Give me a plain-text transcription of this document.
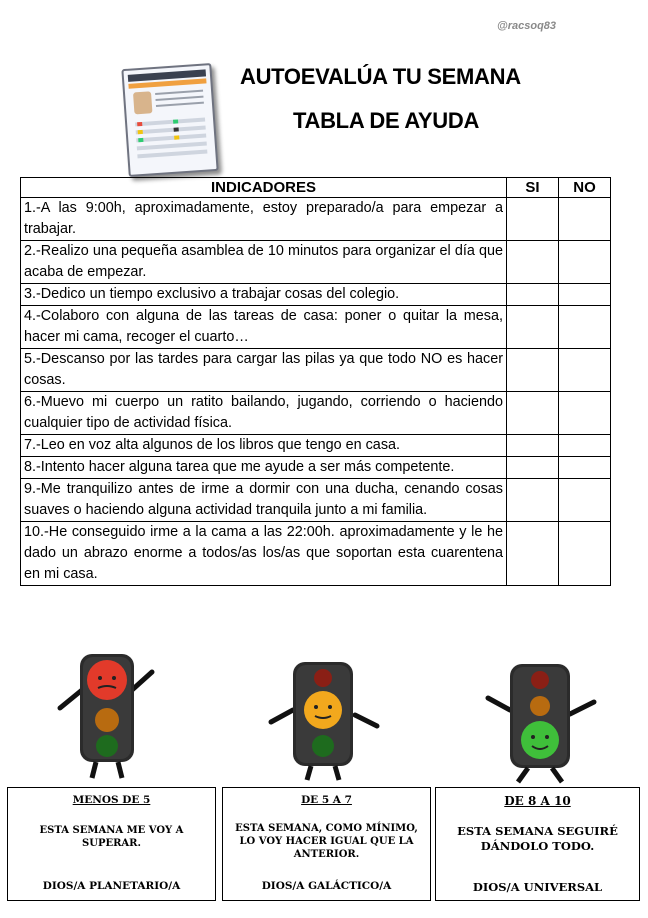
@racsoq83
AUTOEVALÚA TU SEMANA
TABLA DE AYUDA
INDICADORES	SI	NO
1.-A las 9:00h, aproximadamente, estoy preparado/a para empezar a trabajar.		
2.-Realizo una pequeña asamblea de 10 minutos para organizar el día que acaba de empezar.		
3.-Dedico un tiempo exclusivo a trabajar cosas del colegio.		
4.-Colaboro con alguna de las tareas de casa: poner o quitar la mesa, hacer mi cama, recoger el cuarto…		
5.-Descanso por las tardes para cargar las pilas ya que todo NO es hacer cosas.		
6.-Muevo mi cuerpo un ratito bailando, jugando, corriendo o haciendo cualquier tipo de actividad física.		
7.-Leo en voz alta algunos de los libros que tengo en casa.		
8.-Intento hacer alguna tarea que me ayude a ser más competente.		
9.-Me tranquilizo antes de irme a dormir con una ducha, cenando cosas suaves o haciendo alguna actividad tranquila junto a mi familia.		
10.-He conseguido irme a la cama a las 22:00h. aproximadamente y le he dado un abrazo enorme a todos/as los/as que soportan esta cuarentena en mi casa.		
MENOS DE 5
ESTA SEMANA ME VOY A SUPERAR.
DIOS/A PLANETARIO/A
DE 5 A 7
ESTA SEMANA, COMO MÍNIMO, LO VOY HACER IGUAL QUE LA ANTERIOR.
DIOS/A GALÁCTICO/A
DE 8 A 10
ESTA SEMANA SEGUIRÉ DÁNDOLO TODO.
DIOS/A UNIVERSAL
